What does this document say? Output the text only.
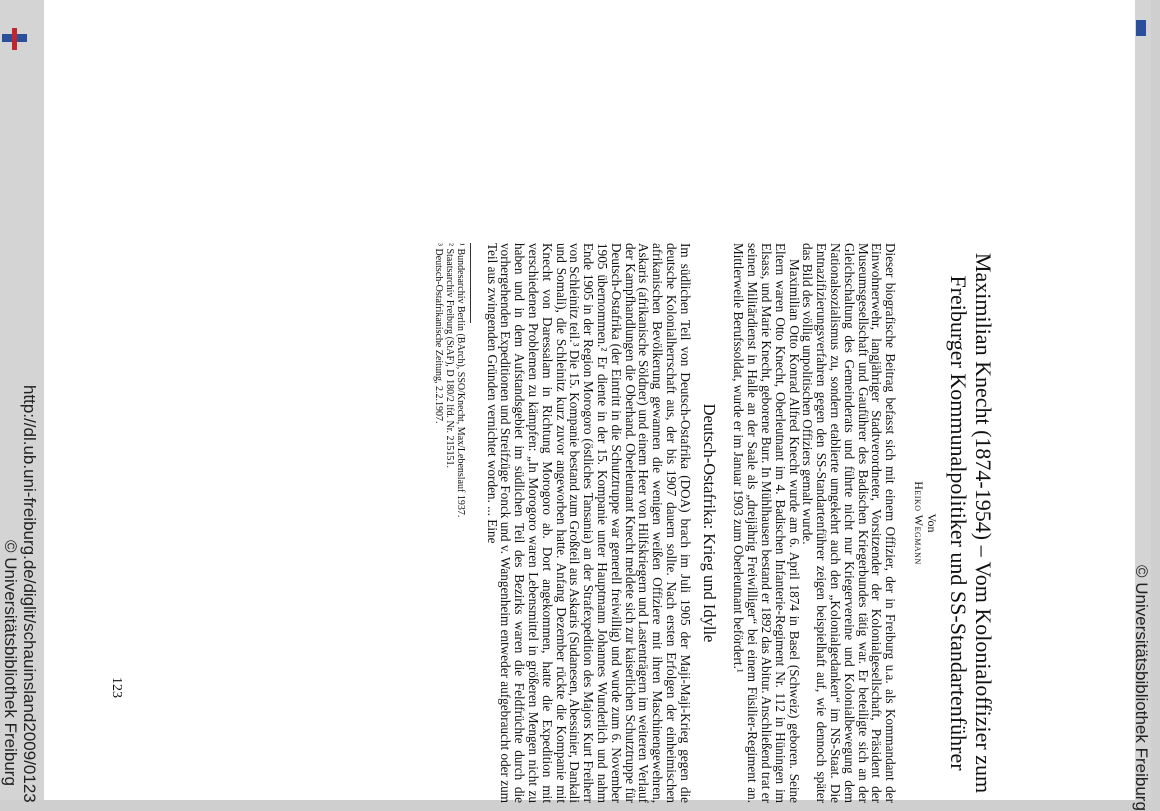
© Universitätsbibliothek Freiburg http://dl.ub.uni-freiburg.de/diglit/schauinsland2009/0123	Maximilian Knecht (1874-1954) – Vom Kolonialoffizier zum Freiburger Kommunalpolitiker und SS-Standartenführer
Von
Heiko Wegmann

Dieser biografische Beitrag befasst sich mit einem Offizier, der in Freiburg u.a. als Kommandant der Einwohnerwehr, langjähriger Stadtverordneter, Vorsitzender der Kolonialgesellschaft, Präsident der Museumsgesellschaft und Gauführer des Badischen Kriegerbundes tätig war. Er beteiligte sich an der Gleichschaltung des Gemeinderats und führte nicht nur Kriegervereine und Kolonialbewegung dem Nationalsozialismus zu, sondern etablierte umgekehrt auch den „Kolonialgedanken“ im NS-Staat. Die Entnazifizierungsverfahren gegen den SS-Standartenführer zeigen beispielhaft auf, wie dennoch später das Bild des völlig unpolitischen Offiziers gemalt wurde.

Maximilian Otto Konrad Alfred Knecht wurde am 6. April 1874 in Basel (Schweiz) geboren. Seine Eltern waren Otto Knecht, Oberleutnant im 4. Badischen Infanterie-Regiment Nr. 112 in Hüningen im Elsass, und Marie Knecht, geborene Burr. In Mühlhausen bestand er 1892 das Abitur. Anschließend trat er seinen Militärdienst in Halle an der Saale als „dreijährig Freiwilliger“ bei einem Füsilier-Regiment an. Mittlerweile Berufssoldat, wurde er im Januar 1903 zum Oberleutnant befördert.¹

Deutsch-Ostafrika: Krieg und Idylle

Im südlichen Teil von Deutsch-Ostafrika (DOA) brach im Juli 1905 der Maji-Maji-Krieg gegen die deutsche Kolonialherrschaft aus, der bis 1907 dauern sollte. Nach ersten Erfolgen der einheimischen afrikanischen Bevölkerung gewannen die wenigen weißen Offiziere mit ihren Maschinengewehren, Askaris (afrikanische Söldner) und einem Heer von Hilfskriegern und Lastenträgern im weiteren Verlauf der Kampfhandlungen die Oberhand. Oberleutnant Knecht meldete sich zur kaiserlichen Schutztruppe für Deutsch-Ostafrika (der Eintritt in die Schutztruppe war generell freiwillig) und wurde zum 6. November 1905 übernommen.² Er diente in der 15. Kompanie unter Hauptmann Johannes Wunderlich und nahm Ende 1905 in der Region Morogoro (östliches Tansania) an der Strafexpedition des Majors Kurt Freiherr von Schleinitz teil.³ Die 15. Kompanie bestand zum Großteil aus Askaris (Sudanesen, Abessinier, Dankali und Somali), die Schleinitz kurz zuvor angeworben hatte. Anfang Dezember rückte die Kompanie mit Knecht von Daressalam in Richtung Morogoro ab. Dort angekommen, hatte die Expedition mit verschiedenen Problemen zu kämpfen: „In Morogoro waren Lebensmittel in größeren Mengen nicht zu haben und in dem Aufstandsgebiet im südlichen Teil des Bezirks waren die Feldfrüchte durch die vorhergehenden Expeditionen und Streifzüge Fonck und v. Wangenheim entweder aufgebraucht oder zum Teil aus zwingenden Gründen vernichtet worden. ... Eine

¹ Bundesarchiv Berlin (BArch), SSO/Knecht, Max/Lebenslauf 1937.

² Staatsarchiv Freiburg (StAF), D 180/2 lfd. Nr. 215151.

³ Deutsch-Ostafrikanische Zeitung, 2.2.1907.

123	© Universitätsbibliothek Freiburg
